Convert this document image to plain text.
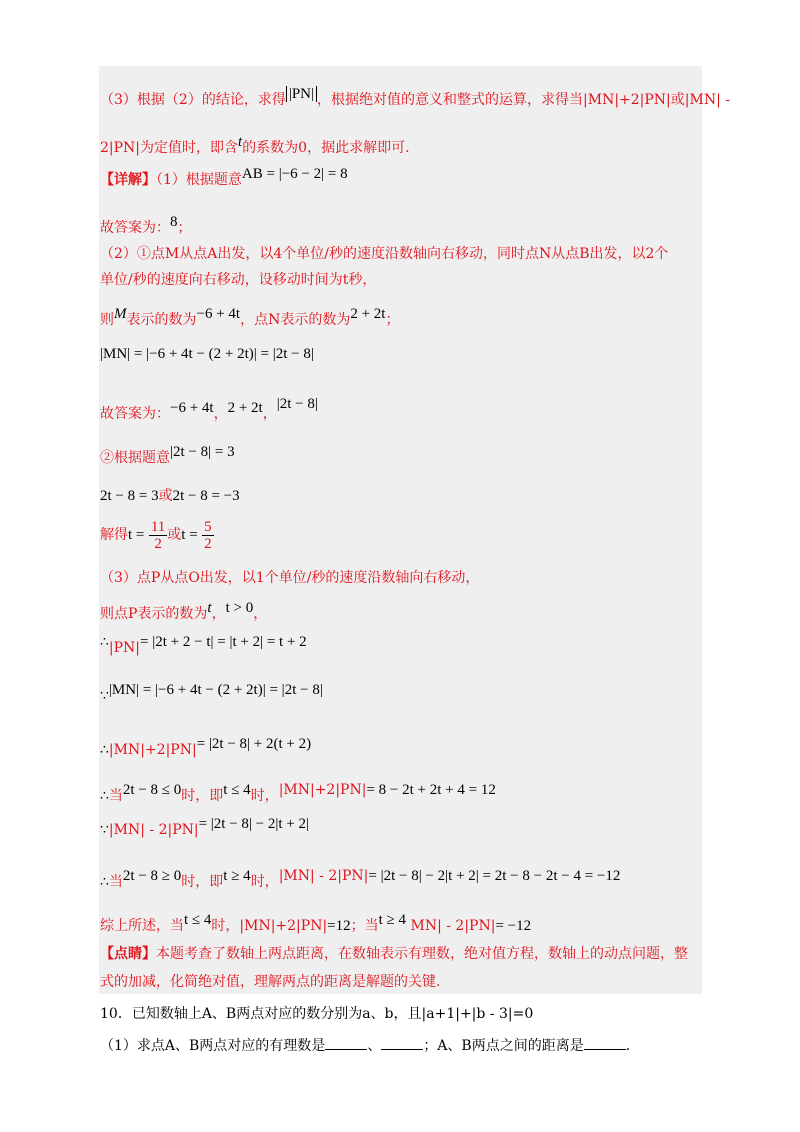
（3）根据（2）的结论，求得 |PN| ，根据绝对值的意义和整式的运算，求得当|MN|+2|PN|或|MN| -
2|PN|为定值时，即含t的系数为0，据此求解即可.
【详解】（1）根据题意AB = |−6 − 2| = 8
故答案为：8；
（2）①点M从点A出发，以4个单位/秒的速度沿数轴向右移动，同时点N从点B出发，以2个
单位/秒的速度向右移动，设移动时间为t秒，
则M表示的数为−6 + 4t，点N表示的数为2 + 2t；
|MN| = |−6 + 4t − (2 + 2t)| = |2t − 8|
故答案为：−6 + 4t，2 + 2t，|2t − 8|
②根据题意|2t − 8| = 3
2t − 8 = 3或2t − 8 = −3
解得$t = \frac{11}{2}$ 或$t = \frac{5}{2}$
（3）点P从点O出发，以1个单位/秒的速度沿数轴向右移动，
则点P表示的数为t，t > 0，
∴|PN|= |2t + 2 − t| = |t + 2| = t + 2
∵|MN| = |−6 + 4t − (2 + 2t)| = |2t − 8|
∴|MN|+2|PN|= |2t − 8| + 2(t + 2)
∴当2t − 8 ≤ 0时，即t ≤ 4时，|MN|+2|PN|= 8 − 2t + 2t + 4 = 12
∵|MN| - 2|PN|= |2t − 8| − 2|t + 2|
∴当2t − 8 ≥ 0时，即t ≥ 4时，|MN| - 2|PN|= |2t − 8| − 2|t + 2| = 2t − 8 − 2t − 4 = −12
综上所述，当t ≤ 4时，|MN|+2|PN|=12；当t ≥ 4 MN| - 2|PN|= −12
【点睛】本题考查了数轴上两点距离，在数轴表示有理数，绝对值方程，数轴上的动点问题，整
式的加减，化简绝对值，理解两点的距离是解题的关键.
10．已知数轴上A、B两点对应的数分别为a、b，且|a+1|+|b - 3|=0
（1）求点A、B两点对应的有理数是	、	；A、B两点之间的距离是	.
